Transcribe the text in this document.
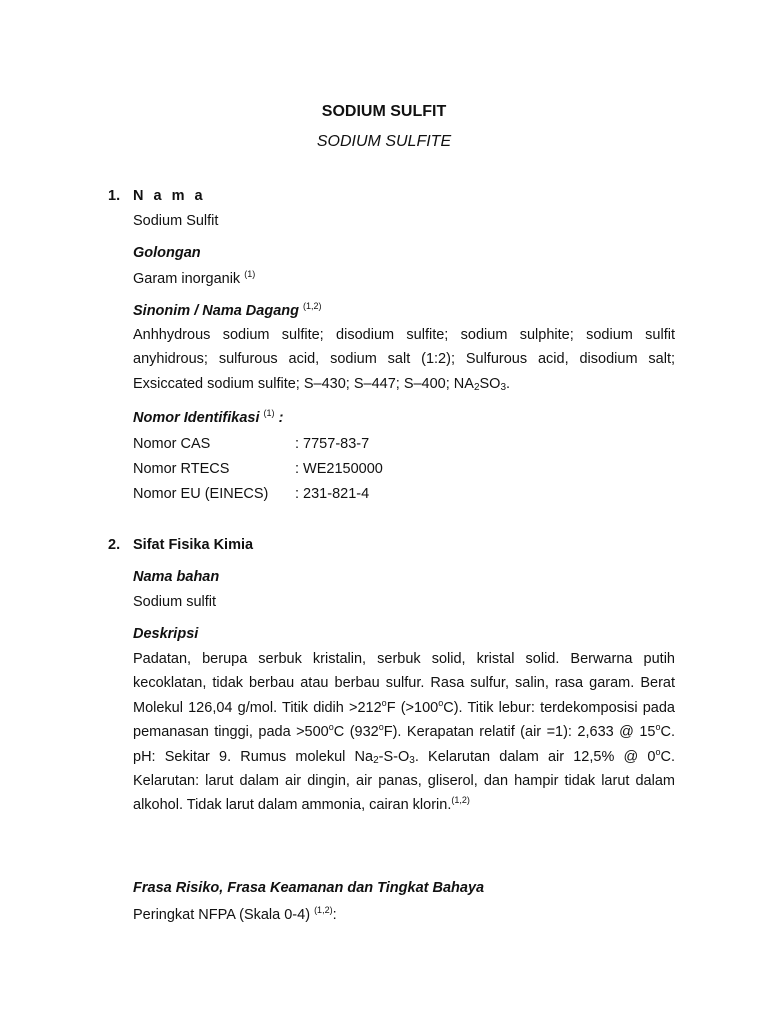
SODIUM SULFIT
SODIUM SULFITE
1. N a m a
Sodium Sulfit
Golongan
Garam inorganik $^{(1)}$
Sinonim / Nama Dagang $^{(1,2)}$
Anhhydrous sodium sulfite; disodium sulfite; sodium sulphite; sodium sulfit anyhidrous; sulfurous acid, sodium salt (1:2); Sulfurous acid, disodium salt; Exsiccated sodium sulfite; S–430; S–447; S–400; $NA_2SO_3$.
Nomor Identifikasi $^{(1)}$ :
Nomor CAS	: 7757-83-7
Nomor RTECS	: WE2150000
Nomor EU (EINECS) : 231-821-4
2. Sifat Fisika Kimia
Nama bahan
Sodium sulfit
Deskripsi
Padatan, berupa serbuk kristalin, serbuk solid, kristal solid. Berwarna putih kecoklatan, tidak berbau atau berbau sulfur. Rasa sulfur, salin, rasa garam. Berat Molekul 126,04 g/mol. Titik didih $>212^oF$ $(>100^oC)$. Titik lebur: terdekomposisi pada pemanasan tinggi, pada $>500^oC$ (932$^o$F). Kerapatan relatif (air =1): 2,633 @ 15$^o$C. pH: Sekitar 9. Rumus molekul $Na_2-S-O_3$. Kelarutan dalam air 12,5% @ 0$^o$C. Kelarutan: larut dalam air dingin, air panas, gliserol, dan hampir tidak larut dalam alkohol. Tidak larut dalam ammonia, cairan klorin.$^{(1,2)}$
Frasa Risiko, Frasa Keamanan dan Tingkat Bahaya
Peringkat NFPA (Skala 0-4) $^{(1,2)}$:
